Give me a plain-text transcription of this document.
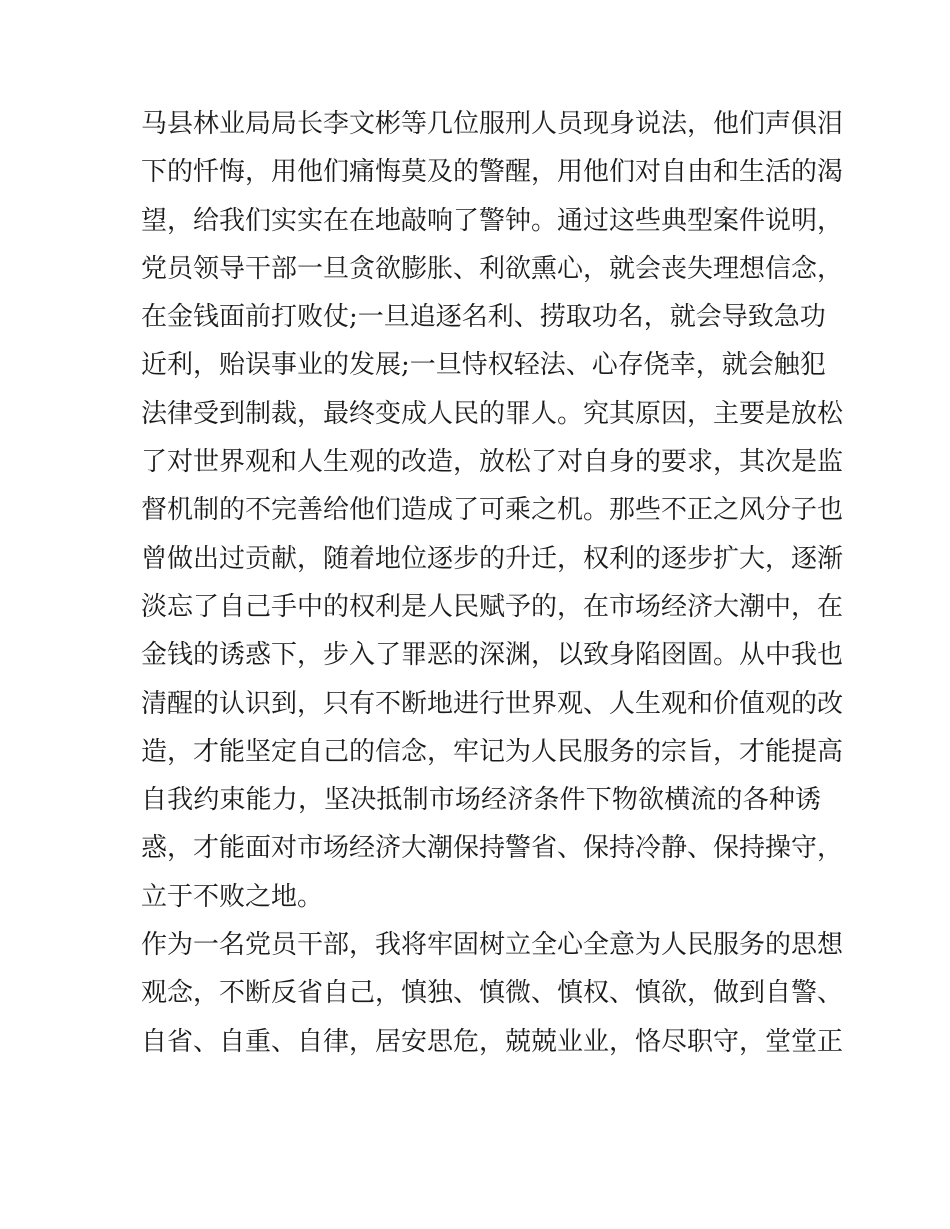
马县林业局局长李文彬等几位服刑人员现身说法，他们声俱泪
下的忏悔，用他们痛悔莫及的警醒，用他们对自由和生活的渴
望，给我们实实在在地敲响了警钟。通过这些典型案件说明，
党员领导干部一旦贪欲膨胀、利欲熏心，就会丧失理想信念，
在金钱面前打败仗;一旦追逐名利、捞取功名，就会导致急功
近利，贻误事业的发展;一旦恃权轻法、心存侥幸，就会触犯
法律受到制裁，最终变成人民的罪人。究其原因，主要是放松
了对世界观和人生观的改造，放松了对自身的要求，其次是监
督机制的不完善给他们造成了可乘之机。那些不正之风分子也
曾做出过贡献，随着地位逐步的升迁，权利的逐步扩大，逐渐
淡忘了自己手中的权利是人民赋予的，在市场经济大潮中，在
金钱的诱惑下，步入了罪恶的深渊，以致身陷囹圄。从中我也
清醒的认识到，只有不断地进行世界观、人生观和价值观的改
造，才能坚定自己的信念，牢记为人民服务的宗旨，才能提高
自我约束能力，坚决抵制市场经济条件下物欲横流的各种诱
惑，才能面对市场经济大潮保持警省、保持冷静、保持操守，
立于不败之地。
作为一名党员干部，我将牢固树立全心全意为人民服务的思想
观念，不断反省自己，慎独、慎微、慎权、慎欲，做到自警、
自省、自重、自律，居安思危，兢兢业业，恪尽职守，堂堂正
